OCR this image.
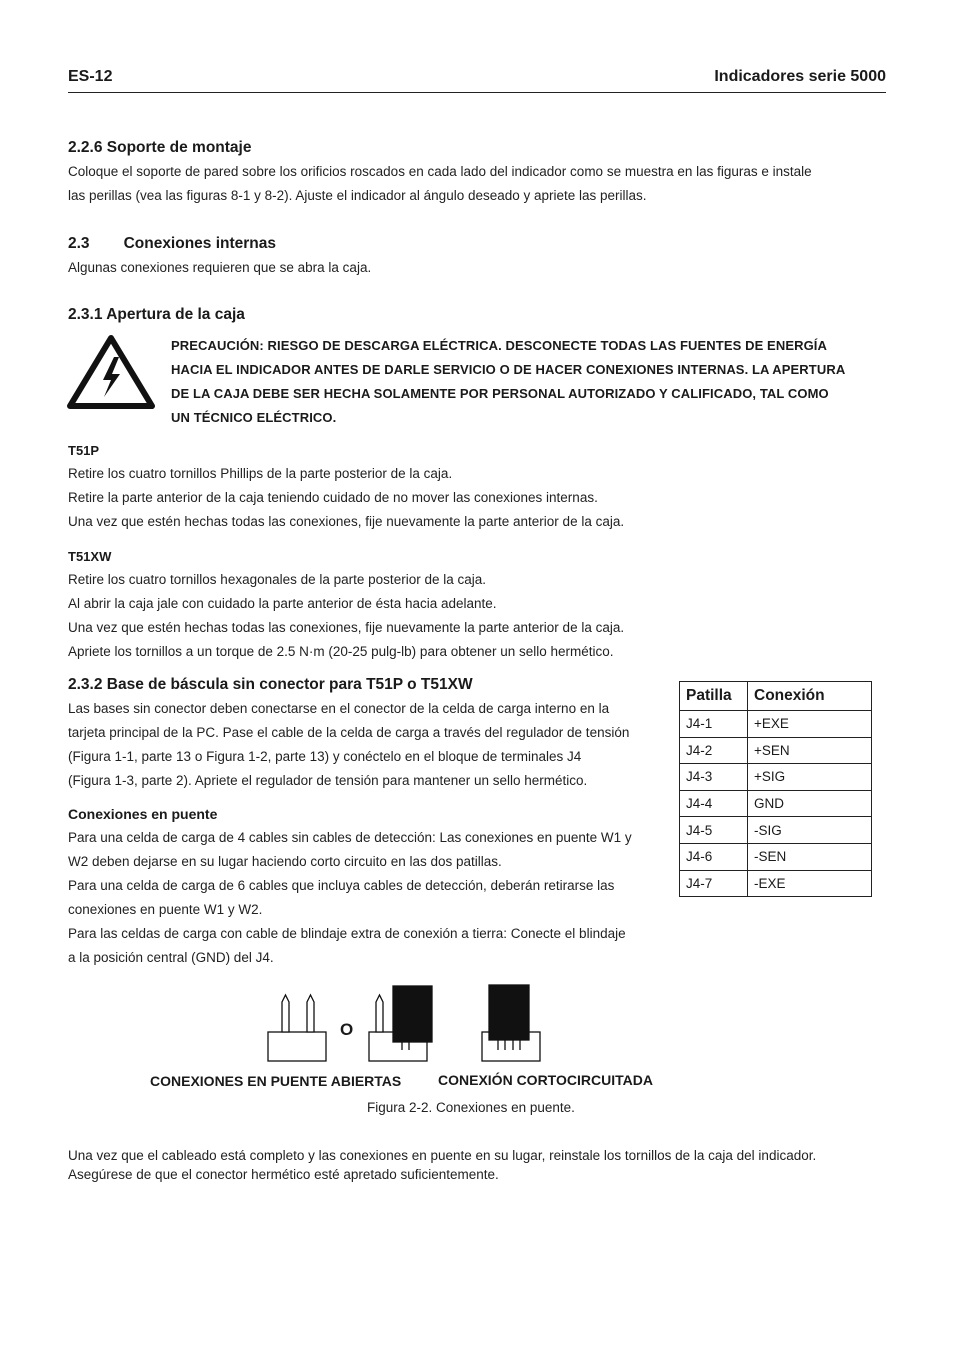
ES-12	Indicadores serie 5000
2.2.6 Soporte de montaje
Coloque el soporte de pared sobre los orificios roscados en cada lado del indicador como se muestra en las figuras e instale
las perillas (vea las figuras 8-1 y 8-2). Ajuste el indicador al ángulo deseado y apriete las perillas.
2.3 Conexiones internas
Algunas conexiones requieren que se abra la caja.
2.3.1 Apertura de la caja
PRECAUCIÓN: RIESGO DE DESCARGA ELÉCTRICA. DESCONECTE TODAS LAS FUENTES DE ENERGÍA
HACIA EL INDICADOR ANTES DE DARLE SERVICIO O DE HACER CONEXIONES INTERNAS. LA APERTURA
DE LA CAJA DEBE SER HECHA SOLAMENTE POR PERSONAL AUTORIZADO Y CALIFICADO, TAL COMO
UN TÉCNICO ELÉCTRICO.
T51P
Retire los cuatro tornillos Phillips de la parte posterior de la caja.
Retire la parte anterior de la caja teniendo cuidado de no mover las conexiones internas.
Una vez que estén hechas todas las conexiones, fije nuevamente la parte anterior de la caja.
T51XW
Retire los cuatro tornillos hexagonales de la parte posterior de la caja.
Al abrir la caja jale con cuidado la parte anterior de ésta hacia adelante.
Una vez que estén hechas todas las conexiones, fije nuevamente la parte anterior de la caja.
Apriete los tornillos a un torque de 2.5 N·m (20-25 pulg-lb) para obtener un sello hermético.
2.3.2 Base de báscula sin conector para T51P o T51XW
Las bases sin conector deben conectarse en el conector de la celda de carga interno en la
tarjeta principal de la PC. Pase el cable de la celda de carga a través del regulador de tensión
(Figura 1-1, parte 13 o Figura 1-2, parte 13) y conéctelo en el bloque de terminales J4
(Figura 1-3, parte 2). Apriete el regulador de tensión para mantener un sello hermético.
Conexiones en puente
Para una celda de carga de 4 cables sin cables de detección: Las conexiones en puente W1 y
W2 deben dejarse en su lugar haciendo corto circuito en las dos patillas.
Para una celda de carga de 6 cables que incluya cables de detección, deberán retirarse las
conexiones en puente W1 y W2.
Para las celdas de carga con cable de blindaje extra de conexión a tierra: Conecte el blindaje
a la posición central (GND) del J4.
Patilla	Conexión
J4-1	+EXE
J4-2	+SEN
J4-3	+SIG
J4-4	GND
J4-5	-SIG
J4-6	-SEN
J4-7	-EXE
O
CONEXIONES EN PUENTE ABIERTAS	CONEXIÓN CORTOCIRCUITADA
Figura 2-2. Conexiones en puente.
Una vez que el cableado está completo y las conexiones en puente en su lugar, reinstale los tornillos de la caja del indicador.
Asegúrese de que el conector hermético esté apretado suficientemente.
